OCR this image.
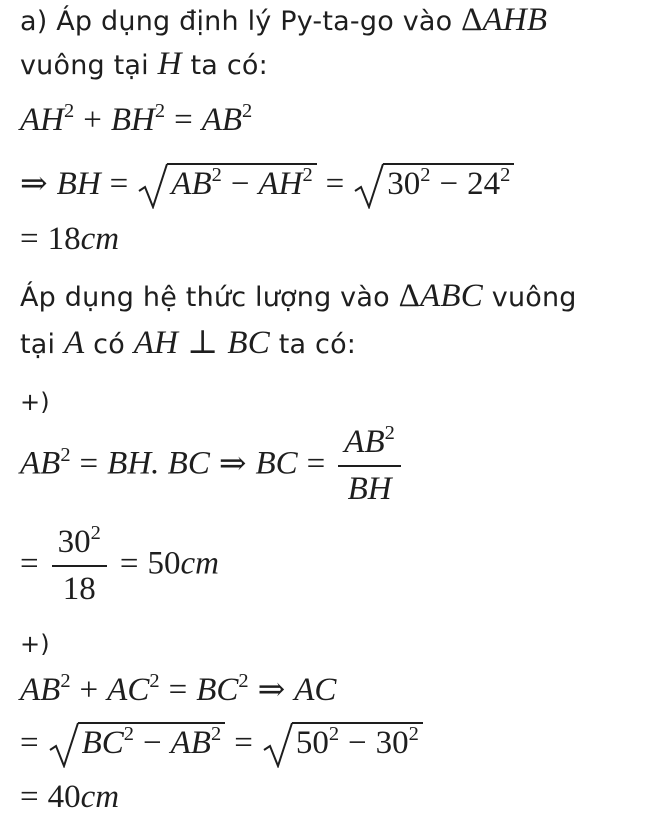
a) Áp dụng định lý Py-ta-go vào ΔAHB
vuông tại H ta có:
$AH^2 + BH^2 = AB^2$
⇒ BH = $AB^2 - AH^2 = 30^2 - 24^2$
= 18cm
Áp dụng hệ thức lượng vào ΔABC vuông
tại A có AH ⊥ BC ta có:
+)
$AB^2$ = BH. BC ⇒ BC = $\frac{AB^2}{BH}$
= $\frac{30^2}{18} = 50cm$
+)
$AB^2 + AC^2 = BC^2$ ⇒ AC
= $BC^2 - AB^2 = 50^2 - 30^2$
= 40cm
